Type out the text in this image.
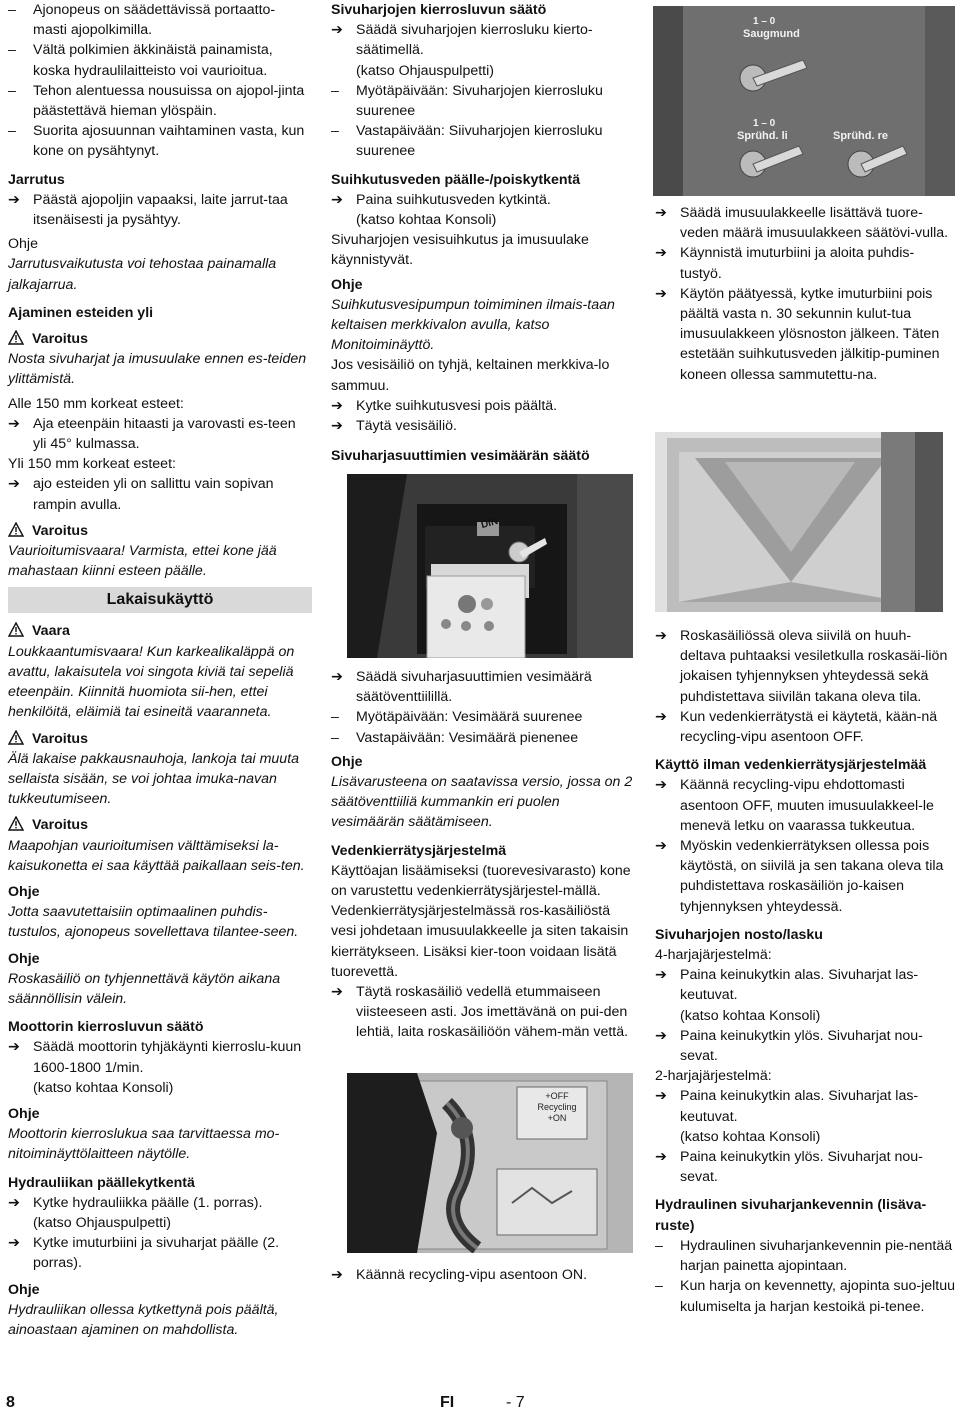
– Ajonopeus on säädettävissä portaatto-masti ajopolkimilla.

– Vältä polkimien äkkinäistä painamista, koska hydraulilaitteisto voi vaurioitua.

– Tehon alentuessa nousuissa on ajopol-jinta päästettävä hieman ylöspäin.

– Suorita ajosuunnan vaihtaminen vasta, kun kone on pysähtynyt.

Jarrutus

➔ Päästä ajopoljin vapaaksi, laite jarrut-taa itsenäisesti ja pysähtyy.

Ohje

Jarrutusvaikutusta voi tehostaa painamalla jalkajarrua.

Ajaminen esteiden yli

Varoitus

Nosta sivuharjat ja imusuulake ennen es-teiden ylittämistä.

Alle 150 mm korkeat esteet:

➔ Aja eteenpäin hitaasti ja varovasti es-teen yli 45° kulmassa.

Yli 150 mm korkeat esteet:

➔ ajo esteiden yli on sallittu vain sopivan rampin avulla.

Varoitus

Vaurioitumisvaara! Varmista, ettei kone jää mahastaan kiinni esteen päälle.

Lakaisukäyttö

Vaara

Loukkaantumisvaara! Kun karkealikaläppä on avattu, lakaisutela voi singota kiviä tai sepeliä eteenpäin. Kiinnitä huomiota sii-hen, ettei henkilöitä, eläimiä tai esineitä vaaranneta.

Varoitus

Älä lakaise pakkausnauhoja, lankoja tai muuta sellaista sisään, se voi johtaa imuka-navan tukkeutumiseen.

Varoitus

Maapohjan vaurioitumisen välttämiseksi la-kaisukonetta ei saa käyttää paikallaan seis-ten.

Ohje

Jotta saavutettaisiin optimaalinen puhdis-tustulos, ajonopeus sovellettava tilantee-seen.

Ohje

Roskasäiliö on tyhjennettävä käytön aikana säännöllisin välein.

Moottorin kierrosluvun säätö

➔ Säädä moottorin tyhjäkäynti kierroslu-kuun 1600-1800 1/min.

(katso kohtaa Konsoli)

Ohje

Moottorin kierroslukua saa tarvittaessa mo-nitoiminäyttölaitteen näytölle.

Hydrauliikan päällekytkentä

➔ Kytke hydrauliikka päälle (1. porras).

(katso Ohjauspulpetti)

➔ Kytke imuturbiini ja sivuharjat päälle (2. porras).

Ohje

Hydrauliikan ollessa kytkettynä pois päältä, ainoastaan ajaminen on mahdollista.

Sivuharjojen kierrosluvun säätö

➔ Säädä sivuharjojen kierrosluku kierto-säätimellä.

(katso Ohjauspulpetti)

– Myötäpäivään: Sivuharjojen kierrosluku suurenee

– Vastapäivään: Siivuharjojen kierrosluku suurenee

Suihkutusveden päälle-/poiskytkentä

➔ Paina suihkutusveden kytkintä.

(katso kohtaa Konsoli)

Sivuharjojen vesisuihkutus ja imusuulake käynnistyvät.

Ohje

Suihkutusvesipumpun toimiminen ilmais-taan keltaisen merkkivalon avulla, katso Monitoiminäyttö.

Jos vesisäiliö on tyhjä, keltainen merkkiva-lo sammuu.

➔ Kytke suihkutusvesi pois päältä.

➔ Täytä vesisäiliö.

Sivuharjasuuttimien vesimäärän säätö

DIN

➔ Säädä sivuharjasuuttimien vesimäärä säätöventtiilillä.

– Myötäpäivään: Vesimäärä suurenee

– Vastapäivään: Vesimäärä pienenee

Ohje

Lisävarusteena on saatavissa versio, jossa on 2 säätöventtiiliä kummankin eri puolen vesimäärän säätämiseen.

Vedenkierrätysjärjestelmä

Käyttöajan lisäämiseksi (tuorevesivarasto) kone on varustettu vedenkierrätysjärjestel-mällä. Vedenkierrätysjärjestelmässä ros-kasäiliöstä vesi johdetaan imusuulakkeelle ja siten takaisin kierrätykseen. Lisäksi kier-toon voidaan lisätä tuorevettä.

➔ Täytä roskasäiliö vedellä etummaiseen viisteeseen asti. Jos imettävänä on pui-den lehtiä, laita roskasäiliöön vähem-män vettä.

+OFF
Recycling
+ON

➔ Käännä recycling-vipu asentoon ON.

1 – 0
Saugmund
1 – 0
Sprühd. li	Sprühd. re

➔ Säädä imusuulakkeelle lisättävä tuore-veden määrä imusuulakkeen säätövi-vulla.

➔ Käynnistä imuturbiini ja aloita puhdis-tustyö.

➔ Käytön päätyessä, kytke imuturbiini pois päältä vasta n. 30 sekunnin kulut-tua imusuulakkeen ylösnoston jälkeen. Täten estetään suihkutusveden jälkitip-puminen koneen ollessa sammutettu-na.

➔ Roskasäiliössä oleva siivilä on huuh-deltava puhtaaksi vesiletkulla roskasäi-liön jokaisen tyhjennyksen yhteydessä sekä puhdistettava siivilän takana oleva tila.

➔ Kun vedenkierrätystä ei käytetä, kään-nä recycling-vipu asentoon OFF.

Käyttö ilman vedenkierrätysjärjestelmää

➔ Käännä recycling-vipu ehdottomasti asentoon OFF, muuten imusuulakkeel-le menevä letku on vaarassa tukkeutua.

➔ Myöskin vedenkierrätyksen ollessa pois käytöstä, on siivilä ja sen takana oleva tila puhdistettava roskasäiliön jo-kaisen tyhjennyksen yhteydessä.

Sivuharjojen nosto/lasku

4-harjajärjestelmä:

➔ Paina keinukytkin alas. Sivuharjat las-keutuvat.

(katso kohtaa Konsoli)

➔ Paina keinukytkin ylös. Sivuharjat nou-sevat.

2-harjajärjestelmä:

➔ Paina keinukytkin alas. Sivuharjat las-keutuvat.

(katso kohtaa Konsoli)

➔ Paina keinukytkin ylös. Sivuharjat nou-sevat.

Hydraulinen sivuharjankevennin (lisäva-ruste)

– Hydraulinen sivuharjankevennin pie-nentää harjan painetta ajopintaan.

– Kun harja on kevennetty, ajopinta suo-jeltuu kulumiselta ja harjan kestoikä pi-tenee.

8	FI	- 7
